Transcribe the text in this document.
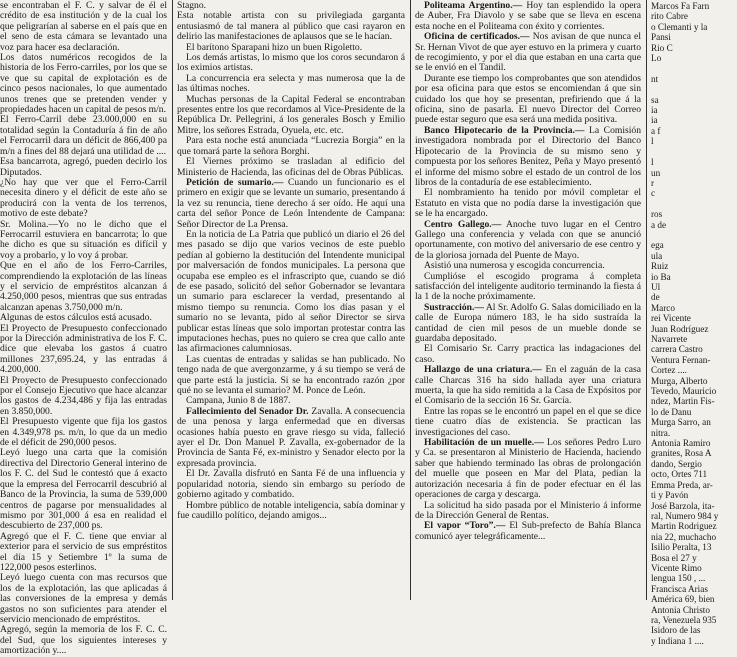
se encontraban el F. C. y salvar de él el crédito de esa institución y de la cual los que peligrarían al saberse en el país que en el seno de esta cámara se levantado una voz para hacer esa declaración.

Los datos numéricos recogidos de la historia de los Ferro-carriles, por los que se ve que su capital de explotación es de cinco pesos nacionales, lo que aumentado unos trenes que se pretenden vender y propiedades hacen un capital de pesos m/n.

El Ferro-Carril debe 23.000,000 en su totalidad según la Contaduría á fin de año el Ferrocarril dara un déficit de 866,400 pa m/n a fines del 88 dejará una utilidad de ....

Esa bancarrota, agregó, pueden decirlo los Diputados.

¿No hay que ver que el Ferro-Carril necesita dinero y el déficit de este año se producirá con la venta de los terrenos, motivo de este debate?

Sr. Molina.—Yo no le dicho que el Ferrocarril estuviera en bancarrota; lo que he dicho es que su situación es difícil y voy a probarlo, y lo voy á probar.

Que en el año de los Ferro-Carriles, comprendiendo la explotación de las líneas y el servicio de empréstitos alcanzan á 4.250,000 pesos, mientras que sus entradas alcanzan apenas 3.750,000 m/n.

Algunas de estos cálculos está acusado.

El Proyecto de Presupuesto confeccionado por la Dirección administrativa de los F. C. dice que elevaba los gastos á cuatro millones 237,695.24, y las entradas á 4.200,000.

El Proyecto de Presupuesto confeccionado por el Consejo Ejecutivo que hace alcanzar los gastos de 4.234,486 y fija las entradas en 3.850,000.

El Presupuesto vigente que fija los gastos en 4.349,978 ps. m/n, lo que da un medio de el déficit de 290,000 pesos.

Leyó luego una carta que la comisión directiva del Directorio General interino de los F. C. del Sud le contestó que á exacto que la empresa del Ferrocarril descubrió al Banco de la Provincia, la suma de 539,000 centros de pagarse por mensualidades al mismo por 301,000 á esa en realidad el descubierto de 237,000 ps.

Agregó que el F. C. tiene que enviar al exterior para el servicio de sus empréstitos el día 15 y Setiembre 1º la suma de 122,000 pesos esterlinos.

Leyó luego cuenta con mas recursos que los de la explotación, las que aplicadas á las conversiones de la empresa y demás gastos no son suficientes para atender el servicio mencionado de empréstitos.

Agregó, según la memoria de los F. C. C. del Sud, que los siguientes intereses y amortización y....

Stagno.

Esta notable artista con su privilegiada garganta entusiasmó de tal manera al público que casi rayaron en delirio las manifestaciones de aplausos que se le hacían.

El barítono Sparapani hizo un buen Rigoletto.

Los demás artistas, lo mismo que los coros secundaron á los eximios artistas.

La concurrencia era selecta y mas numerosa que la de las últimas noches.

Muchas personas de la Capital Federal se encontraban presentes entre los que recordamos al Vice-Presidente de la República Dr. Pellegrini, á los generales Bosch y Emilio Mitre, los señores Estrada, Oyuela, etc. etc.

Para esta noche está anunciada “Lucrezia Borgia” en la que tomará parte la señora Borghi.

El Viernes próximo se trasladan al edificio del Ministerio de Hacienda, las oficinas del de Obras Públicas.

Petición de sumario.— Cuando un funcionario es el primero en exigir que se levante un sumario, presentando á la vez su renuncia, tiene derecho á ser oído. He aquí una carta del señor Ponce de León Intendente de Campana: Señor Director de La Prensa.

En la noticia de La Patria que publicó un diario el 26 del mes pasado se dijo que varios vecinos de este pueblo pedían al gobierno la destitución del Intendente municipal por malversación de fondos municipales. La persona que ocupaba ese empleo es el infrascripto que, cuando se dió de ese pasado, solicitó del señor Gobernador se levantara un sumario para esclarecer la verdad, presentando al mismo tiempo su renuncia. Como los días pasan y el sumario no se levanta, pido al señor Director se sirva publicar estas líneas que solo importan protestar contra las imputaciones hechas, pues no quiero se crea que callo ante las afirmaciones calumniosas.

Las cuentas de entradas y salidas se han publicado. No tengo nada de que avergonzarme, y á su tiempo se verá de que parte está la justicia. Si se ha encontrado razón ¿por qué no se levanta el sumario? M. Ponce de León.

Campana, Junio 8 de 1887.

Fallecimiento del Senador Dr. Zavalla. A consecuencia de una penosa y larga enfermedad que en diversas ocasiones había puesto en grave riesgo su vida, falleció ayer el Dr. Don Manuel P. Zavalla, ex-gobernador de la Provincia de Santa Fé, ex-ministro y Senador electo por la expresada provincia.

El Dr. Zavalla disfrutó en Santa Fé de una influencia y popularidad notoria, siendo sin embargo su período de gobierno agitado y combatido.

Hombre público de notable inteligencia, sabía dominar y fue caudillo político, dejando amigos...

Politeama Argentino.— Hoy tan esplendido la opera de Auber, Fra Diavolo y se sabe que se lleva en escena esta noche en el Politeama con éxito y corrientes.

Oficina de certificados.— Nos avisan de que nunca el Sr. Hernan Vivot de que ayer estuvo en la primera y cuarto de recogimiento, y por el dia que estaban en una carta que se le envió en el Tandil.

Durante ese tiempo los comprobantes que son atendidos por esa oficina para que estos se encomiendan á que sin cuidado los que hoy se presentan, prefiriendo que á la oficina, sino de pasarla. El nuevo Director del Correo puede estar seguro que esa será una medida positiva.

Banco Hipotecario de la Provincia.— La Comisión investigadora nombrada por el Directorio del Banco Hipotecario de la Provincia de su mismo seno y compuesta por los señores Benitez, Peña y Mayo presentó el informe del mismo sobre el estado de un control de los libros de la contaduría de ese establecimiento.

El nombramiento ha tenido por móvil completar el Estatuto en vista que no podía darse la investigación que se le ha encargado.

Centro Gallego.— Anoche tuvo lugar en el Centro Gallego una conferencia y velada con que se anunció oportunamente, con motivo del aniversario de ese centro y de la gloriosa jornada del Puente de Mayo.

Asistió una numerosa y escogida concurrencia.

Cumplióse el escogido programa á completa satisfacción del inteligente auditorio terminando la fiesta á la 1 de la noche próximamente.

Sustracción.— Al Sr. Adolfo G. Salas domiciliado en la calle de Europa número 183, le ha sido sustraída la cantidad de cien mil pesos de un mueble donde se guardaba depositado.

El Comisario Sr. Carry practica las indagaciones del caso.

Hallazgo de una criatura.— En el zaguán de la casa calle Charcas 316 ha sido hallada ayer una criatura muerta, la que ha sido remitida a la Casa de Expósitos por el Comisario de la sección 16 Sr. García.

Entre las ropas se le encontró un papel en el que se dice tiene cuatro días de existencia. Se practican las investigaciones del caso.

Habilitación de un muelle.— Los señores Pedro Luro y Ca. se presentaron al Ministerio de Hacienda, haciendo saber que habiendo terminado las obras de prolongación del muelle que poseen en Mar del Plata, pedían la autorización necesaria á fin de poder efectuar en él las operaciones de carga y descarga.

La solicitud ha sido pasada por el Ministerio á informe de la Dirección General de Rentas.

El vapor “Toro”.— El Sub-prefecto de Bahía Blanca comunicó ayer telegráficamente...

Marcos Fa Farn
rito Cabre
o Clemanti y la
Pansi
Rio C
Lo

nt

sa
ia
ia
a f
l

l
un
r
c

ros
a de

ega
ula
Ruiz
io Ba
Ul
de
Marco
rei Vicente
Juan Rodríguez
Navarrete
carrera Castro
Ventura Fernan-
Cortez ....
Murga, Alberto
Tevedo, Mauricio
ndez, Martin Fis-
lo de Danu
Murga Sarro, an
nitra.
Antonia Ramiro
granites, Rosa A
dando, Sergio
octo, Ortes 711
Emma Preda, ar-
ti y Pavón
José Barzola, ita-
ral, Numero 984 y
Martin Rodriguez
nia 22, muchacho
Isilio Peralta, 13
Bosa el 27 y
Vicente Rimo
lengua 150 , ...
Francisca Arias
América 69, bien
Antonia Christo
ra, Venezuela 935
Isidoro de las
y Indiana 1 ....
